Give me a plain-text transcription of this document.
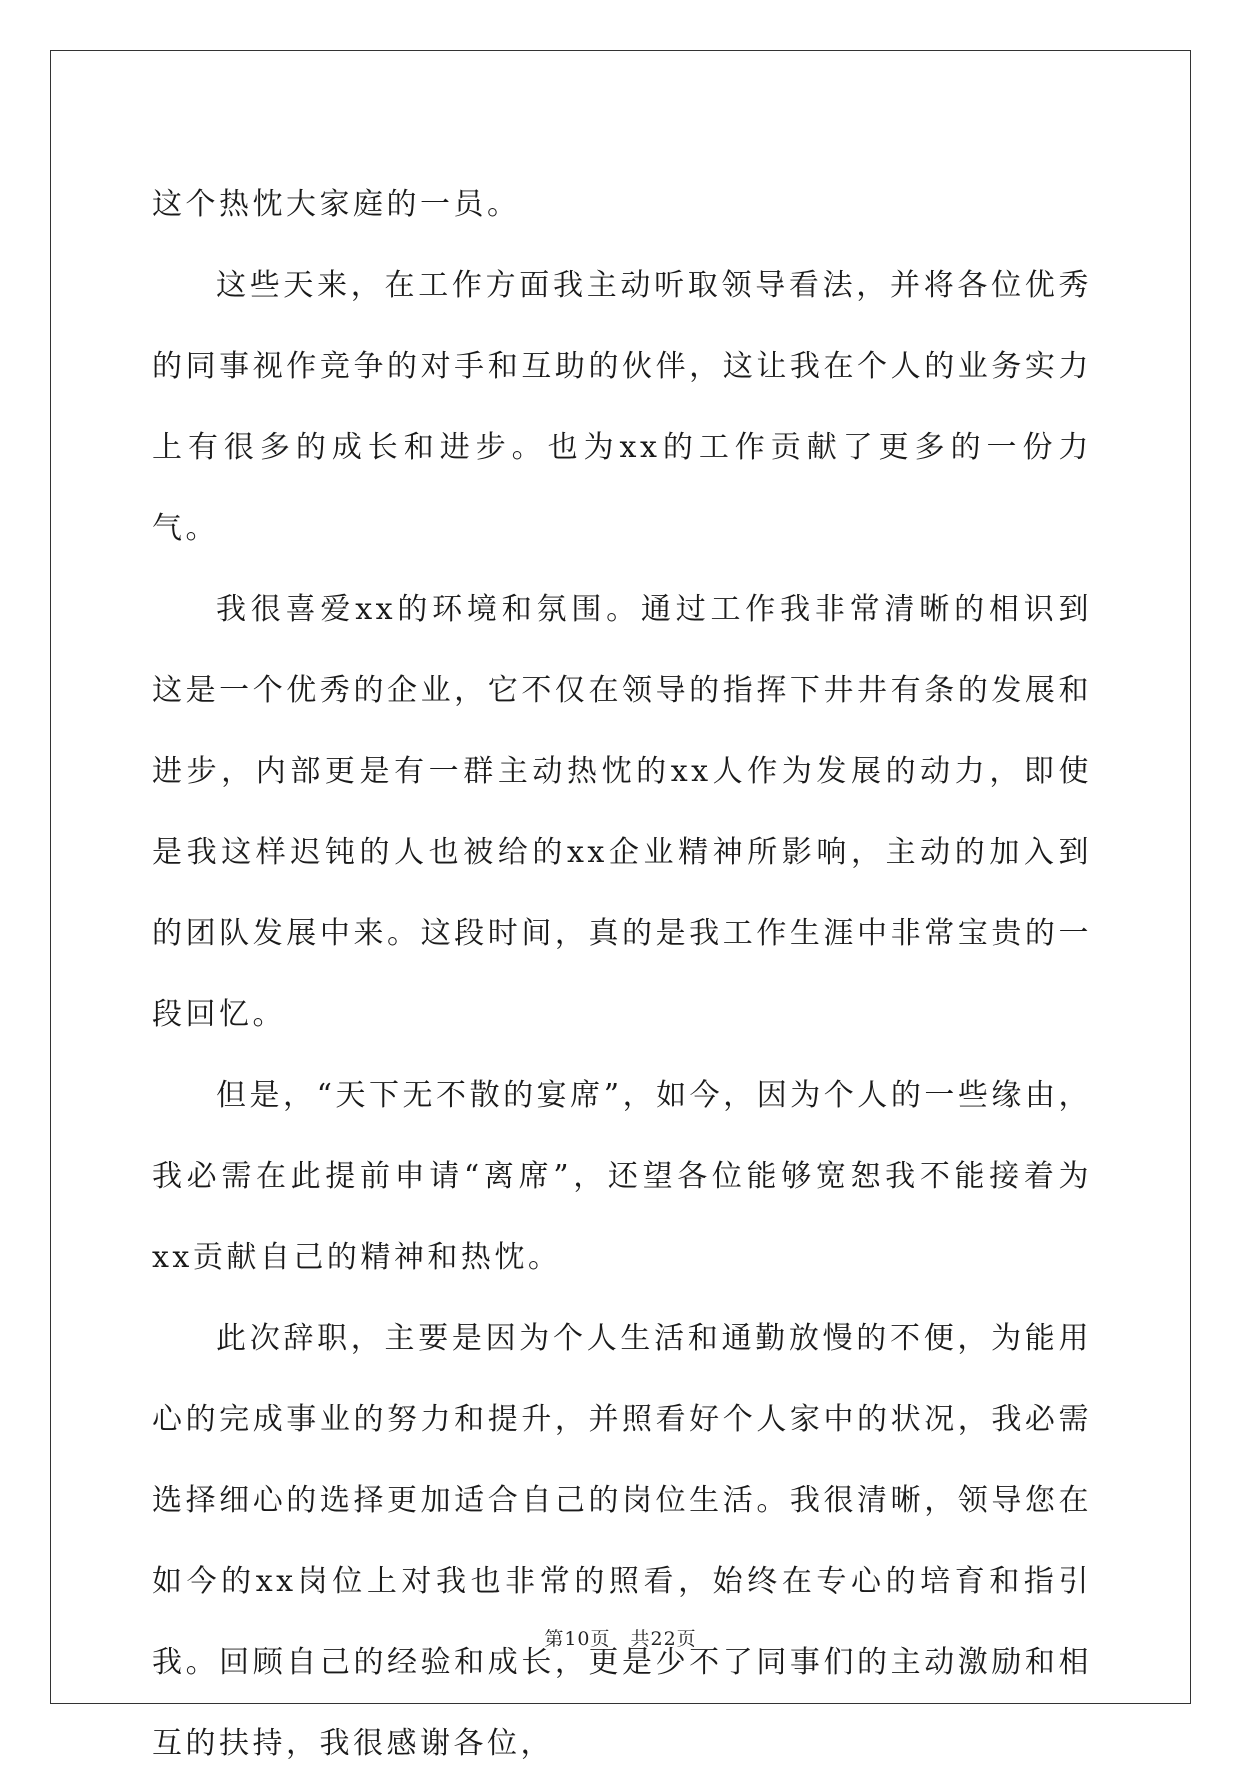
这个热忱大家庭的一员。

这些天来，在工作方面我主动听取领导看法，并将各位优秀的同事视作竞争的对手和互助的伙伴，这让我在个人的业务实力上有很多的成长和进步。也为xx的工作贡献了更多的一份力气。

我很喜爱xx的环境和氛围。通过工作我非常清晰的相识到这是一个优秀的企业，它不仅在领导的指挥下井井有条的发展和进步，内部更是有一群主动热忱的xx人作为发展的动力，即使是我这样迟钝的人也被给的xx企业精神所影响，主动的加入到的团队发展中来。这段时间，真的是我工作生涯中非常宝贵的一段回忆。

但是，“天下无不散的宴席”，如今，因为个人的一些缘由，我必需在此提前申请“离席”，还望各位能够宽恕我不能接着为xx贡献自己的精神和热忱。

此次辞职，主要是因为个人生活和通勤放慢的不便，为能用心的完成事业的努力和提升，并照看好个人家中的状况，我必需选择细心的选择更加适合自己的岗位生活。我很清晰，领导您在如今的xx岗位上对我也非常的照看，始终在专心的培育和指引我。回顾自己的经验和成长，更是少不了同事们的主动激励和相互的扶持，我很感谢各位，

第10页 共22页
